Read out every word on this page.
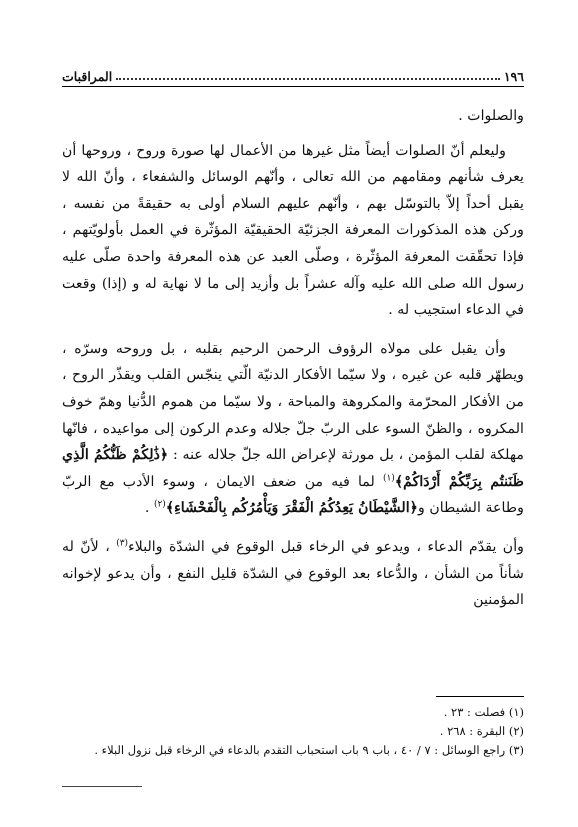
١٩٦
المراقبات

والصلوات .

وليعلم أنّ الصلوات أيضاً مثل غيرها من الأعمال لها صورة وروح ، وروحها أن يعرف شأنهم ومقامهم من الله تعالى ، وأنّهم الوسائل والشفعاء ، وأنّ الله لا يقبل أحداً إلاّ بالتوسّل بهم ، وأنّهم عليهم السلام أولى به حقيقةً من نفسه ، وركن هذه المذكورات المعرفة الجزئيّة الحقيقيّة المؤثّرة في العمل بأولويّتهم ، فإذا تحقّقت المعرفة المؤثّرة ، وصلّى العبد عن هذه المعرفة واحدة صلّى عليه رسول الله صلى الله عليه وآله عشراً بل وأزيد إلى ما لا نهاية له و (إذا) وقعت في الدعاء استجيب له .

وأن يقبل على مولاه الرؤوف الرحمن الرحيم بقلبه ، بل وروحه وسرّه ، ويطهّر قلبه عن غيره ، ولا سيّما الأفكار الدنيّة الّتي ينجّس القلب ويقذّر الروح ، من الأفكار المحرّمة والمكروهة والمباحة ، ولا سيّما من هموم الدُّنيا وهمّ خوف المكروه ، والظنّ السوء على الربّ جلّ جلاله وعدم الركون إلى مواعيده ، فانّها مهلكة لقلب المؤمن ، بل مورثة لإعراض الله جلّ جلاله عنه : ﴿ذَٰلِكُمْ ظَنُّكُمُ الَّذِي ظَنَنتُم بِرَبِّكُمْ أَرْدَاكُمْ﴾$^{(١)}$ لما فيه من ضعف الايمان ، وسوء الأدب مع الربّ وطاعة الشيطان و﴿الشَّيْطَانُ يَعِدُكُمُ الْفَقْرَ وَيَأْمُرُكُم بِالْفَحْشَاءِ﴾$^{(٢)}$ .

وأن يقدّم الدعاء ، ويدعو في الرخاء قبل الوقوع في الشدّة والبلاء$^{(٣)}$ ، لأنّ له شأناً من الشأن ، والدُّعاء بعد الوقوع في الشدّة قليل النفع ، وأن يدعو لإخوانه المؤمنين

(١) فصلت : ٢٣ .

(٢) البقرة : ٢٦٨ .

(٣) راجع الوسائل : ٧ / ٤٠ ، باب ٩ باب استحباب التقدم بالدعاء في الرخاء قبل نزول البلاء .
